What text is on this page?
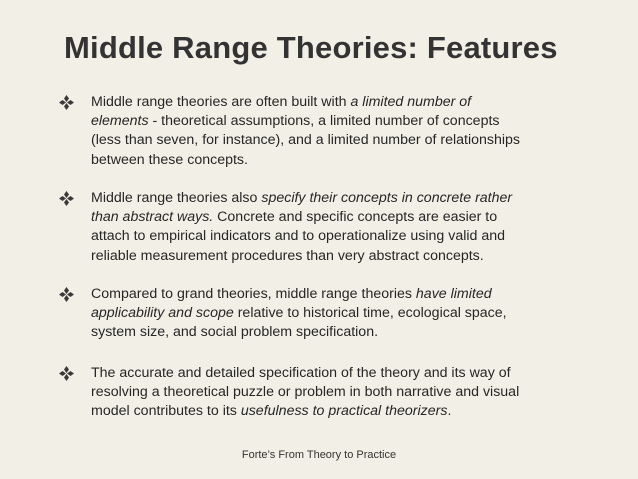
Middle Range Theories: Features
Middle range theories are often built with a limited number of
elements - theoretical assumptions, a limited number of concepts
(less than seven, for instance), and a limited number of relationships
between these concepts.
Middle range theories also specify their concepts in concrete rather
than abstract ways. Concrete and specific concepts are easier to
attach to empirical indicators and to operationalize using valid and
reliable measurement procedures than very abstract concepts.
Compared to grand theories, middle range theories have limited
applicability and scope relative to historical time, ecological space,
system size, and social problem specification.
The accurate and detailed specification of the theory and its way of
resolving a theoretical puzzle or problem in both narrative and visual
model contributes to its usefulness to practical theorizers.
Forte’s From Theory to Practice
